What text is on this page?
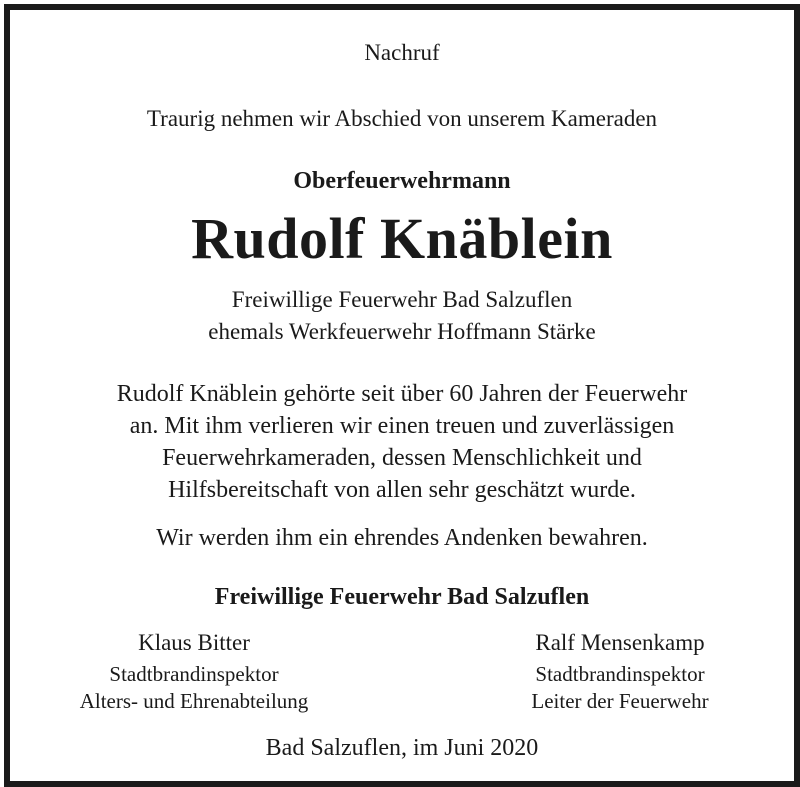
Nachruf
Traurig nehmen wir Abschied von unserem Kameraden
Oberfeuerwehrmann
Rudolf Knäblein
Freiwillige Feuerwehr Bad Salzuflen
ehemals Werkfeuerwehr Hoffmann Stärke
Rudolf Knäblein gehörte seit über 60 Jahren der Feuerwehr
an. Mit ihm verlieren wir einen treuen und zuverlässigen
Feuerwehrkameraden, dessen Menschlichkeit und
Hilfsbereitschaft von allen sehr geschätzt wurde.
Wir werden ihm ein ehrendes Andenken bewahren.
Freiwillige Feuerwehr Bad Salzuflen
Klaus Bitter
Stadtbrandinspektor
Alters- und Ehrenabteilung
Ralf Mensenkamp
Stadtbrandinspektor
Leiter der Feuerwehr
Bad Salzuflen, im Juni 2020
